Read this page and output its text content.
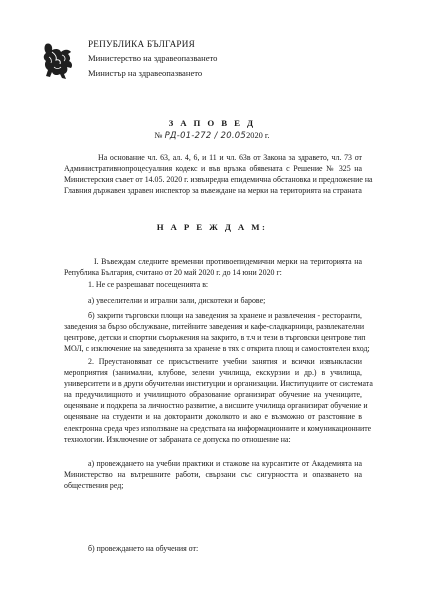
РЕПУБЛИКА БЪЛГАРИЯ
Министерство на здравеопазването
Министър на здравеопазването
З А П О В Е Д
№ РД-01-272 / 20.052020 г.
На основание чл. 63, ал. 4, 6, и 11 и чл. 63в от Закона за здравето, чл. 73 от
Административнопроцесуалния кодекс и във връзка обявената с Решение № 325 на
Министерския съвет от 14.05. 2020 г. извънредна епидемична обстановка и предложение на
Главния държавен здравен инспектор за въвеждане на мерки на територията на страната
Н А Р Е Ж Д А М:
I. Въвеждам следните временни противоепидемични мерки на територията на
Република България, считано от 20 май 2020 г. до 14 юни 2020 г:
1. Не се разрешават посещенията в:
а) увеселителни и игрални зали, дискотеки и барове;
б) закрити търговски площи на заведения за хранене и развлечения - ресторанти,
заведения за бързо обслужване, питейните заведения и кафе-сладкарници, развлекателни
центрове, детски и спортни съоръжения на закрито, в т.ч и тези в търговски центрове тип
МОЛ, с изключение на заведенията за хранене в тях с открита площ и самостоятелен вход;
2. Преустановяват се присъствените учебни занятия и всички извънкласни
мероприятия (занимални, клубове, зелени училища, екскурзии и др.) в училища,
университети и в други обучителни институции и организации. Институциите от системата
на предучилищното и училищното образование организират обучение на учениците,
оценяване и подкрепа за личностно развитие, а висшите училища организират обучение и
оценяване на студенти и на докторанти доколкото и ако е възможно от разстояние в
електронна среда чрез използване на средствата на информационните и комуникационните
технологии. Изключение от забраната се допуска по отношение на:
а) провеждането на учебни практики и стажове на курсантите от Академията на
Министерство на вътрешните работи, свързани със сигурността и опазването на
обществения ред;
б) провеждането на обучения от:
